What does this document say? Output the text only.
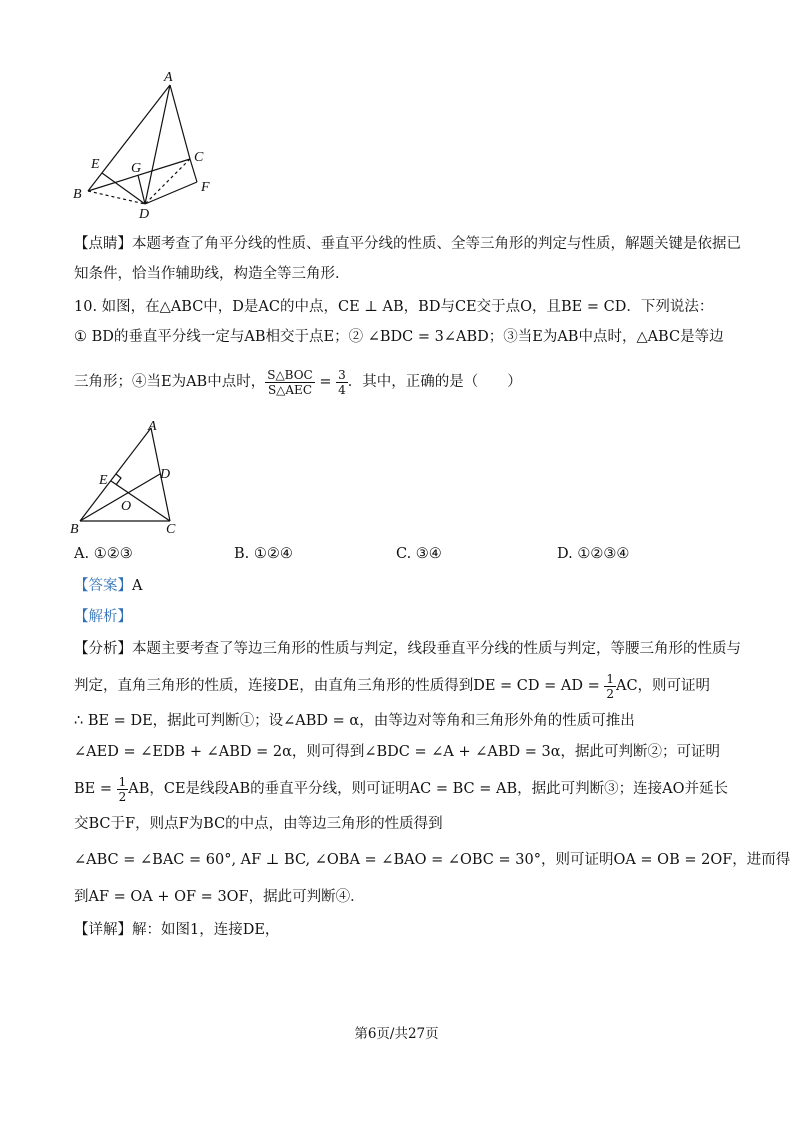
A
B
C
D
E
F
G
【点睛】本题考查了角平分线的性质、垂直平分线的性质、全等三角形的判定与性质，解题关键是依据已
知条件，恰当作辅助线，构造全等三角形．
10. 如图，在△ABC中，D是AC的中点，CE ⊥ AB，BD与CE交于点O，且BE = CD．下列说法：
① BD的垂直平分线一定与AB相交于点E；② ∠BDC = 3∠ABD；③当E为AB中点时，△ABC是等边
三角形；④当E为AB中点时， $\frac{\text{S△BOC}}{\text{S△AEC}} = \frac{3}{4}$ ．其中，正确的是（　　）
A
B	C
D
E
O
A. ①②③	B. ①②④	C. ③④	D. ①②③④
【答案】A
【解析】
【分析】本题主要考查了等边三角形的性质与判定，线段垂直平分线的性质与判定，等腰三角形的性质与
判定，直角三角形的性质，连接DE，由直角三角形的性质得到DE = CD = AD = $\frac{1}{2}$ AC，则可证明
∴ BE = DE，据此可判断①；设∠ABD = α，由等边对等角和三角形外角的性质可推出
∠AED = ∠EDB + ∠ABD = 2α，则可得到∠BDC = ∠A + ∠ABD = 3α，据此可判断②；可证明
BE = $\frac{1}{2}$ AB，CE是线段AB的垂直平分线，则可证明AC = BC = AB，据此可判断③；连接AO并延长
交BC于F，则点F为BC的中点，由等边三角形的性质得到
∠ABC = ∠BAC = 60°, AF ⊥ BC, ∠OBA = ∠BAO = ∠OBC = 30°，则可证明OA = OB = 2OF，进而得
到AF = OA + OF = 3OF，据此可判断④．
【详解】解：如图1，连接DE，
第6页/共27页
